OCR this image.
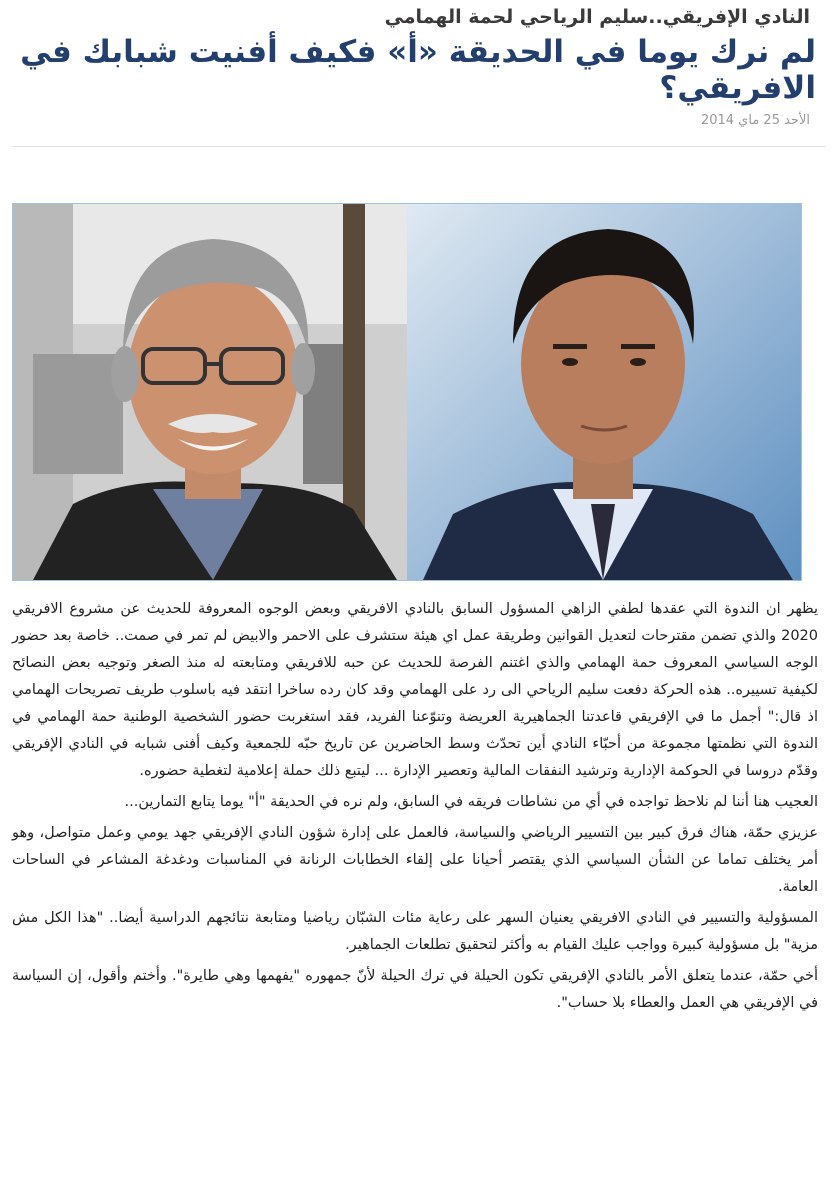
النادي الإفريقي..سليم الرياحي لحمة الهمامي
لم نرك يوما في الحديقة «أ» فكيف أفنيت شبابك في الافريقي؟
الأحد 25 ماي 2014

يظهر ان الندوة التي عقدها لطفي الزاهي المسؤول السابق بالنادي الافريقي وبعض الوجوه المعروفة للحديث عن مشروع الافريقي 2020 والذي تضمن مقترحات لتعديل القوانين وطريقة عمل اي هيئة ستشرف على الاحمر والابيض لم تمر في صمت.. خاصة بعد حضور الوجه السياسي المعروف حمة الهمامي والذي اغتنم الفرصة للحديث عن حبه للافريقي ومتابعته له منذ الصغر وتوجيه بعض النصائح لكيفية تسييره.. هذه الحركة دفعت سليم الرياحي الى رد على الهمامي وقد كان رده ساخرا انتقد فيه باسلوب طريف تصريحات الهمامي اذ قال:" أجمل ما في الإفريقي قاعدتنا الجماهيرية العريضة وتنوّعنا الفريد، فقد استغربت حضور الشخصية الوطنية حمة الهمامي في الندوة التي نظمتها مجموعة من أحبّاء النادي أين تحدّث وسط الحاضرين عن تاريخ حبّه للجمعية وكيف أفنى شبابه في النادي الإفريقي وقدّم دروسا في الحوكمة الإدارية وترشيد النفقات المالية وتعصير الإدارة ... ليتبع ذلك حملة إعلامية لتغطية حضوره.

العجيب هنا أننا لم نلاحظ تواجده في أي من نشاطات فريقه في السابق، ولم نره في الحديقة "أ" يوما يتابع التمارين...

عزيزي حمّة، هناك فرق كبير بين التسيير الرياضي والسياسة، فالعمل على إدارة شؤون النادي الإفريقي جهد يومي وعمل متواصل، وهو أمر يختلف تماما عن الشأن السياسي الذي يقتصر أحيانا على إلقاء الخطابات الرنانة في المناسبات ودغدغة المشاعر في الساحات العامة.

المسؤولية والتسيير في النادي الافريقي يعنيان السهر على رعاية مئات الشبّان رياضيا ومتابعة نتائجهم الدراسية أيضا.. "هذا الكل مش مزية" بل مسؤولية كبيرة وواجب عليك القيام به وأكثر لتحقيق تطلعات الجماهير.

أخي حمّة، عندما يتعلق الأمر بالنادي الإفريقي تكون الحيلة في ترك الحيلة لأنّ جمهوره "يفهمها وهي طايرة". وأختم وأقول، إن السياسة في الإفريقي هي العمل والعطاء بلا حساب".
